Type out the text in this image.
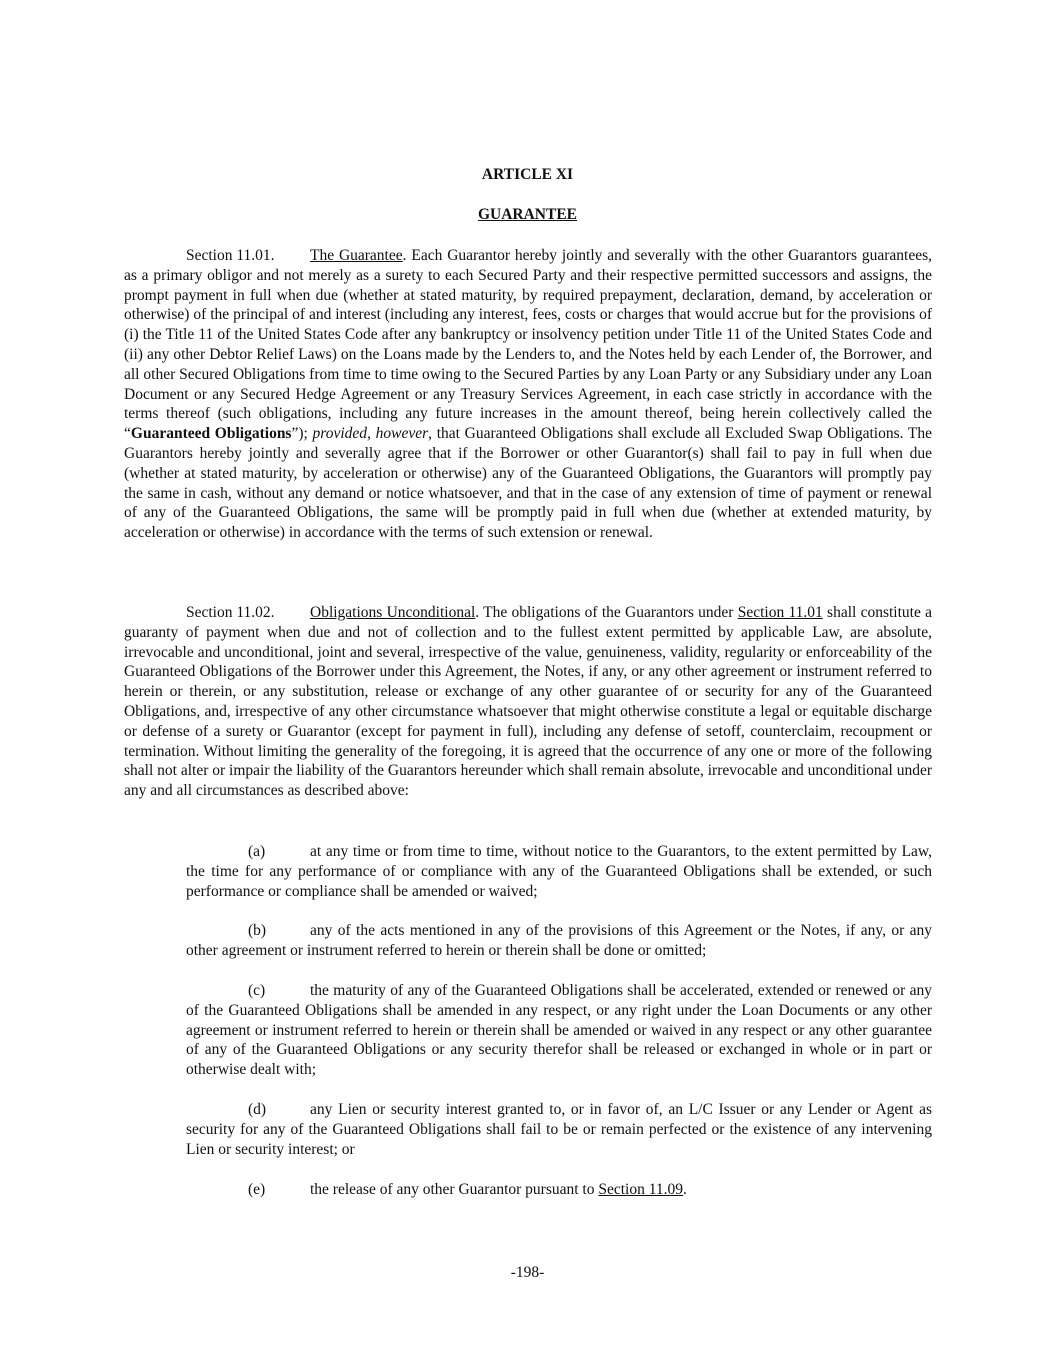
ARTICLE XI
GUARANTEE

Section 11.01. The Guarantee. Each Guarantor hereby jointly and severally with the other Guarantors guarantees, as a primary obligor and not merely as a surety to each Secured Party and their respective permitted successors and assigns, the prompt payment in full when due (whether at stated maturity, by required prepayment, declaration, demand, by acceleration or otherwise) of the principal of and interest (including any interest, fees, costs or charges that would accrue but for the provisions of (i) the Title 11 of the United States Code after any bankruptcy or insolvency petition under Title 11 of the United States Code and (ii) any other Debtor Relief Laws) on the Loans made by the Lenders to, and the Notes held by each Lender of, the Borrower, and all other Secured Obligations from time to time owing to the Secured Parties by any Loan Party or any Subsidiary under any Loan Document or any Secured Hedge Agreement or any Treasury Services Agreement, in each case strictly in accordance with the terms thereof (such obligations, including any future increases in the amount thereof, being herein collectively called the “Guaranteed Obligations”); provided, however, that Guaranteed Obligations shall exclude all Excluded Swap Obligations. The Guarantors hereby jointly and severally agree that if the Borrower or other Guarantor(s) shall fail to pay in full when due (whether at stated maturity, by acceleration or otherwise) any of the Guaranteed Obligations, the Guarantors will promptly pay the same in cash, without any demand or notice whatsoever, and that in the case of any extension of time of payment or renewal of any of the Guaranteed Obligations, the same will be promptly paid in full when due (whether at extended maturity, by acceleration or otherwise) in accordance with the terms of such extension or renewal.

Section 11.02. Obligations Unconditional. The obligations of the Guarantors under Section 11.01 shall constitute a guaranty of payment when due and not of collection and to the fullest extent permitted by applicable Law, are absolute, irrevocable and unconditional, joint and several, irrespective of the value, genuineness, validity, regularity or enforceability of the Guaranteed Obligations of the Borrower under this Agreement, the Notes, if any, or any other agreement or instrument referred to herein or therein, or any substitution, release or exchange of any other guarantee of or security for any of the Guaranteed Obligations, and, irrespective of any other circumstance whatsoever that might otherwise constitute a legal or equitable discharge or defense of a surety or Guarantor (except for payment in full), including any defense of setoff, counterclaim, recoupment or termination. Without limiting the generality of the foregoing, it is agreed that the occurrence of any one or more of the following shall not alter or impair the liability of the Guarantors hereunder which shall remain absolute, irrevocable and unconditional under any and all circumstances as described above:

(a)	at any time or from time to time, without notice to the Guarantors, to the extent permitted by Law, the time for any performance of or compliance with any of the Guaranteed Obligations shall be extended, or such performance or compliance shall be amended or waived;

(b)	any of the acts mentioned in any of the provisions of this Agreement or the Notes, if any, or any other agreement or instrument referred to herein or therein shall be done or omitted;

(c)	the maturity of any of the Guaranteed Obligations shall be accelerated, extended or renewed or any of the Guaranteed Obligations shall be amended in any respect, or any right under the Loan Documents or any other agreement or instrument referred to herein or therein shall be amended or waived in any respect or any other guarantee of any of the Guaranteed Obligations or any security therefor shall be released or exchanged in whole or in part or otherwise dealt with;

(d)	any Lien or security interest granted to, or in favor of, an L/C Issuer or any Lender or Agent as security for any of the Guaranteed Obligations shall fail to be or remain perfected or the existence of any intervening Lien or security interest; or

(e)	the release of any other Guarantor pursuant to Section 11.09.

-198-
